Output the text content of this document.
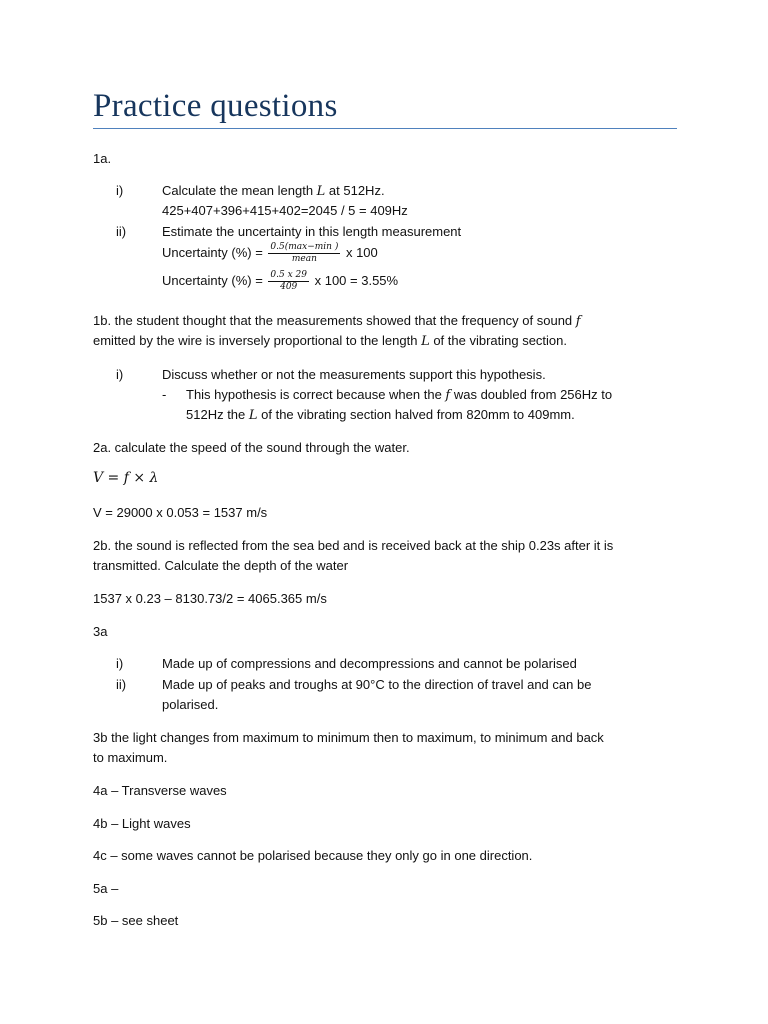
Practice questions
1a.
i)	Calculate the mean length L at 512Hz.
425+407+396+415+402=2045 / 5 = 409Hz
ii)	Estimate the uncertainty in this length measurement
Uncertainty (%) = $\frac{0.5(\max-\min )}{\text{mean}}$ x 100
Uncertainty (%) = $\frac{0.5 x 29}{409}$ x 100 = 3.55%
1b. the student thought that the measurements showed that the frequency of sound f
emitted by the wire is inversely proportional to the length L of the vibrating section.
i)	Discuss whether or not the measurements support this hypothesis.
- This hypothesis is correct because when the f was doubled from 256Hz to
512Hz the L of the vibrating section halved from 820mm to 409mm.
2a. calculate the speed of the sound through the water.
V = f × λ
V = 29000 x 0.053 = 1537 m/s
2b. the sound is reflected from the sea bed and is received back at the ship 0.23s after it is
transmitted. Calculate the depth of the water
1537 x 0.23 – 8130.73/2 = 4065.365 m/s
3a
i)	Made up of compressions and decompressions and cannot be polarised
ii)	Made up of peaks and troughs at 90°C to the direction of travel and can be
polarised.
3b the light changes from maximum to minimum then to maximum, to minimum and back
to maximum.
4a – Transverse waves
4b – Light waves
4c – some waves cannot be polarised because they only go in one direction.
5a –
5b – see sheet
